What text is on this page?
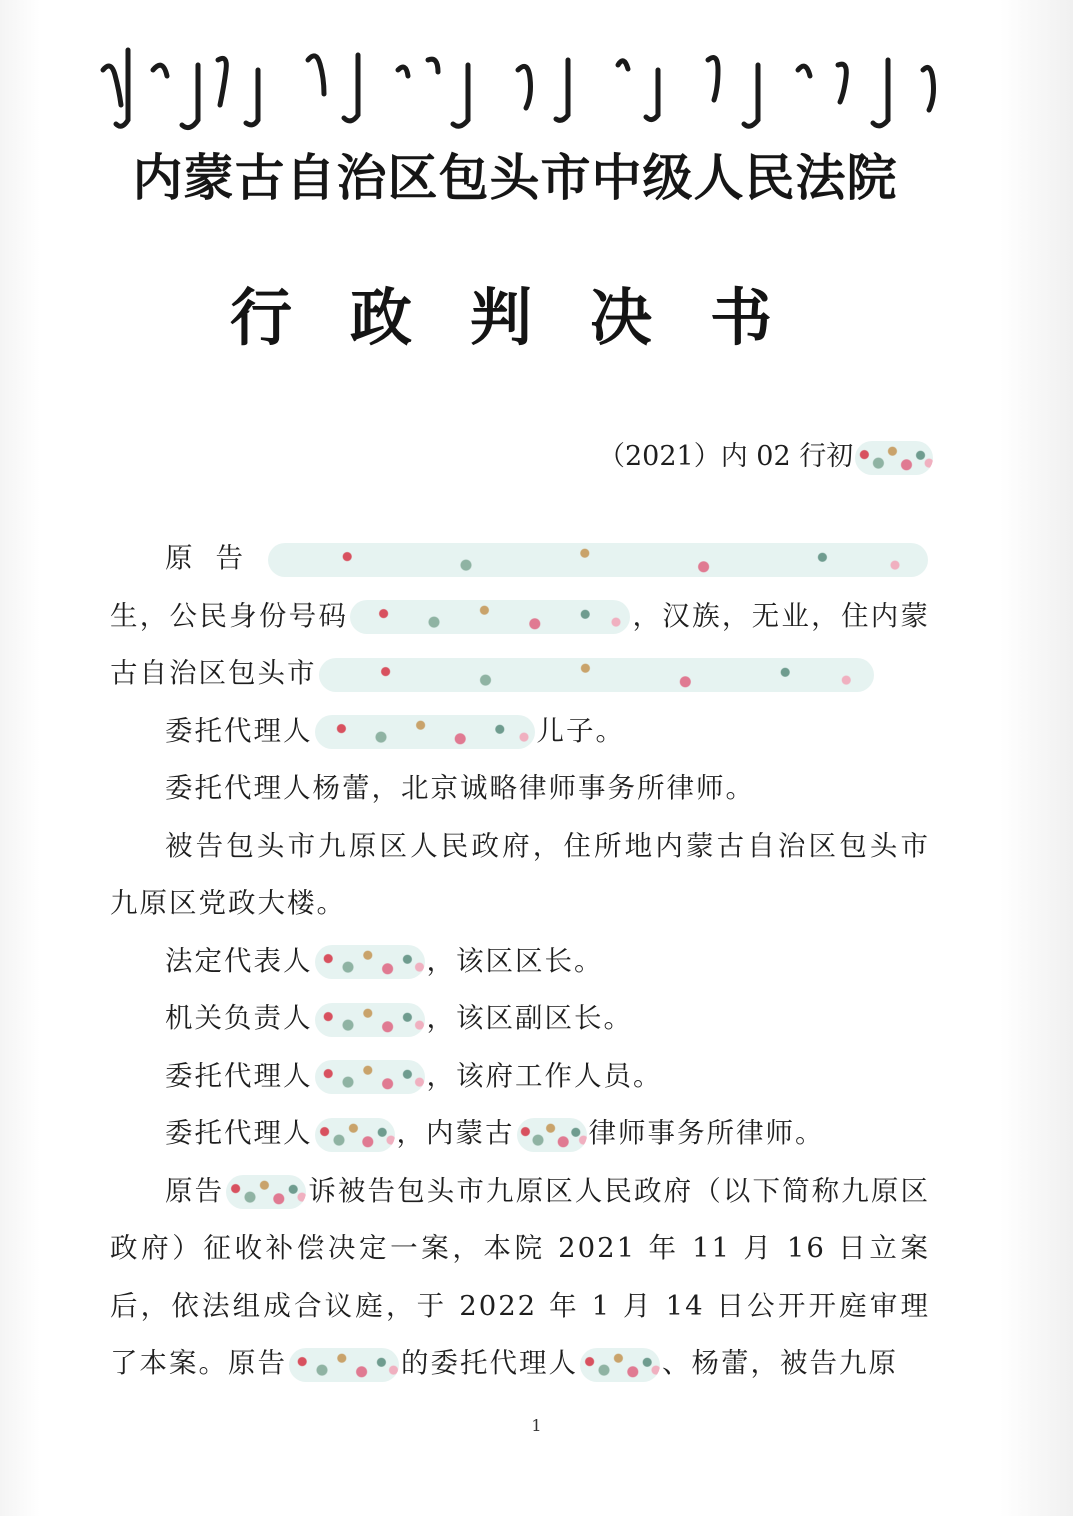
内蒙古自治区包头市中级人民法院
行政判决书
（2021）内 02 行初

原告生，公民身份号码	，汉族，无业，住内蒙古自治区包头市

委托代理人	儿子。

委托代理人杨蕾，北京诚略律师事务所律师。

被告包头市九原区人民政府，住所地内蒙古自治区包头市九原区党政大楼。

法定代表人	，该区区长。

机关负责人	，该区副区长。

委托代理人	，该府工作人员。

委托代理人	，内蒙古	律师事务所律师。

原告	诉被告包头市九原区人民政府（以下简称九原区政府）征收补偿决定一案，本院 2021 年 11 月 16 日立案后，依法组成合议庭，于 2022 年 1 月 14 日公开开庭审理了本案。原告	的委托代理人	、杨蕾，被告九原

1
